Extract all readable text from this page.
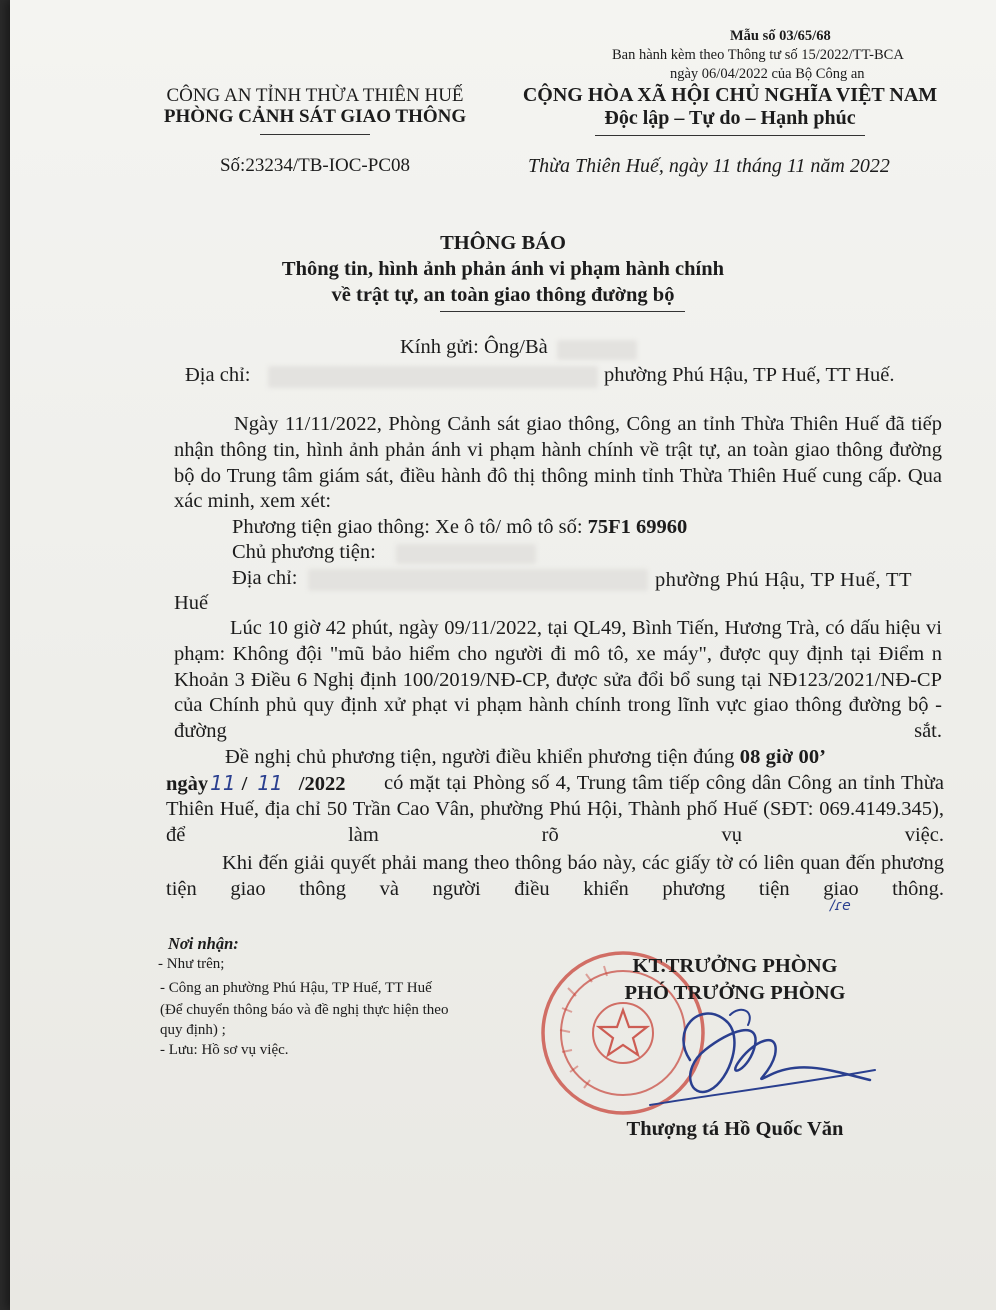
Mẫu số 03/65/68
Ban hành kèm theo Thông tư số 15/2022/TT-BCA
ngày 06/04/2022 của Bộ Công an
CÔNG AN TỈNH THỪA THIÊN HUẾ
PHÒNG CẢNH SÁT GIAO THÔNG
Số:23234/TB-IOC-PC08
CỘNG HÒA XÃ HỘI CHỦ NGHĨA VIỆT NAM
Độc lập – Tự do – Hạnh phúc
Thừa Thiên Huế, ngày 11 tháng 11 năm 2022
THÔNG BÁO
Thông tin, hình ảnh phản ánh vi phạm hành chính
về trật tự, an toàn giao thông đường bộ
Kính gửi: Ông/Bà
Địa chỉ:	phường Phú Hậu, TP Huế, TT Huế.
Ngày 11/11/2022, Phòng Cảnh sát giao thông, Công an tỉnh Thừa Thiên Huế đã tiếp nhận thông tin, hình ảnh phản ánh vi phạm hành chính về trật tự, an toàn giao thông đường bộ do Trung tâm giám sát, điều hành đô thị thông minh tỉnh Thừa Thiên Huế cung cấp. Qua xác minh, xem xét:
Phương tiện giao thông: Xe ô tô/ mô tô số: 75F1 69960
Chủ phương tiện:
Địa chỉ:	phường Phú Hậu, TP Huế, TT
Huế
Lúc 10 giờ 42 phút, ngày 09/11/2022, tại QL49, Bình Tiến, Hương Trà, có dấu hiệu vi phạm: Không đội "mũ bảo hiểm cho người đi mô tô, xe máy", được quy định tại Điểm n Khoản 3 Điều 6 Nghị định 100/2019/NĐ-CP, được sửa đổi bổ sung tại NĐ123/2021/NĐ-CP của Chính phủ quy định xử phạt vi phạm hành chính trong lĩnh vực giao thông đường bộ - đường sắt.
Đề nghị chủ phương tiện, người điều khiển phương tiện đúng 08 giờ 00’
ngày 11 / 11 /2022	có mặt tại Phòng số 4, Trung tâm tiếp công dân Công an tỉnh Thừa Thiên Huế, địa chỉ 50 Trần Cao Vân, phường Phú Hội, Thành phố Huế (SĐT: 069.4149.345), để làm rõ vụ việc.
Khi đến giải quyết phải mang theo thông báo này, các giấy tờ có liên quan đến phương tiện giao thông và người điều khiển phương tiện giao thông.
/ɾe
Nơi nhận:
- Như trên;
- Công an phường Phú Hậu, TP Huế, TT Huế
(Để chuyển thông báo và đề nghị thực hiện theo
quy định) ;
- Lưu: Hồ sơ vụ việc.
KT.TRƯỞNG PHÒNG
PHÓ TRƯỞNG PHÒNG
Thượng tá Hồ Quốc Văn
